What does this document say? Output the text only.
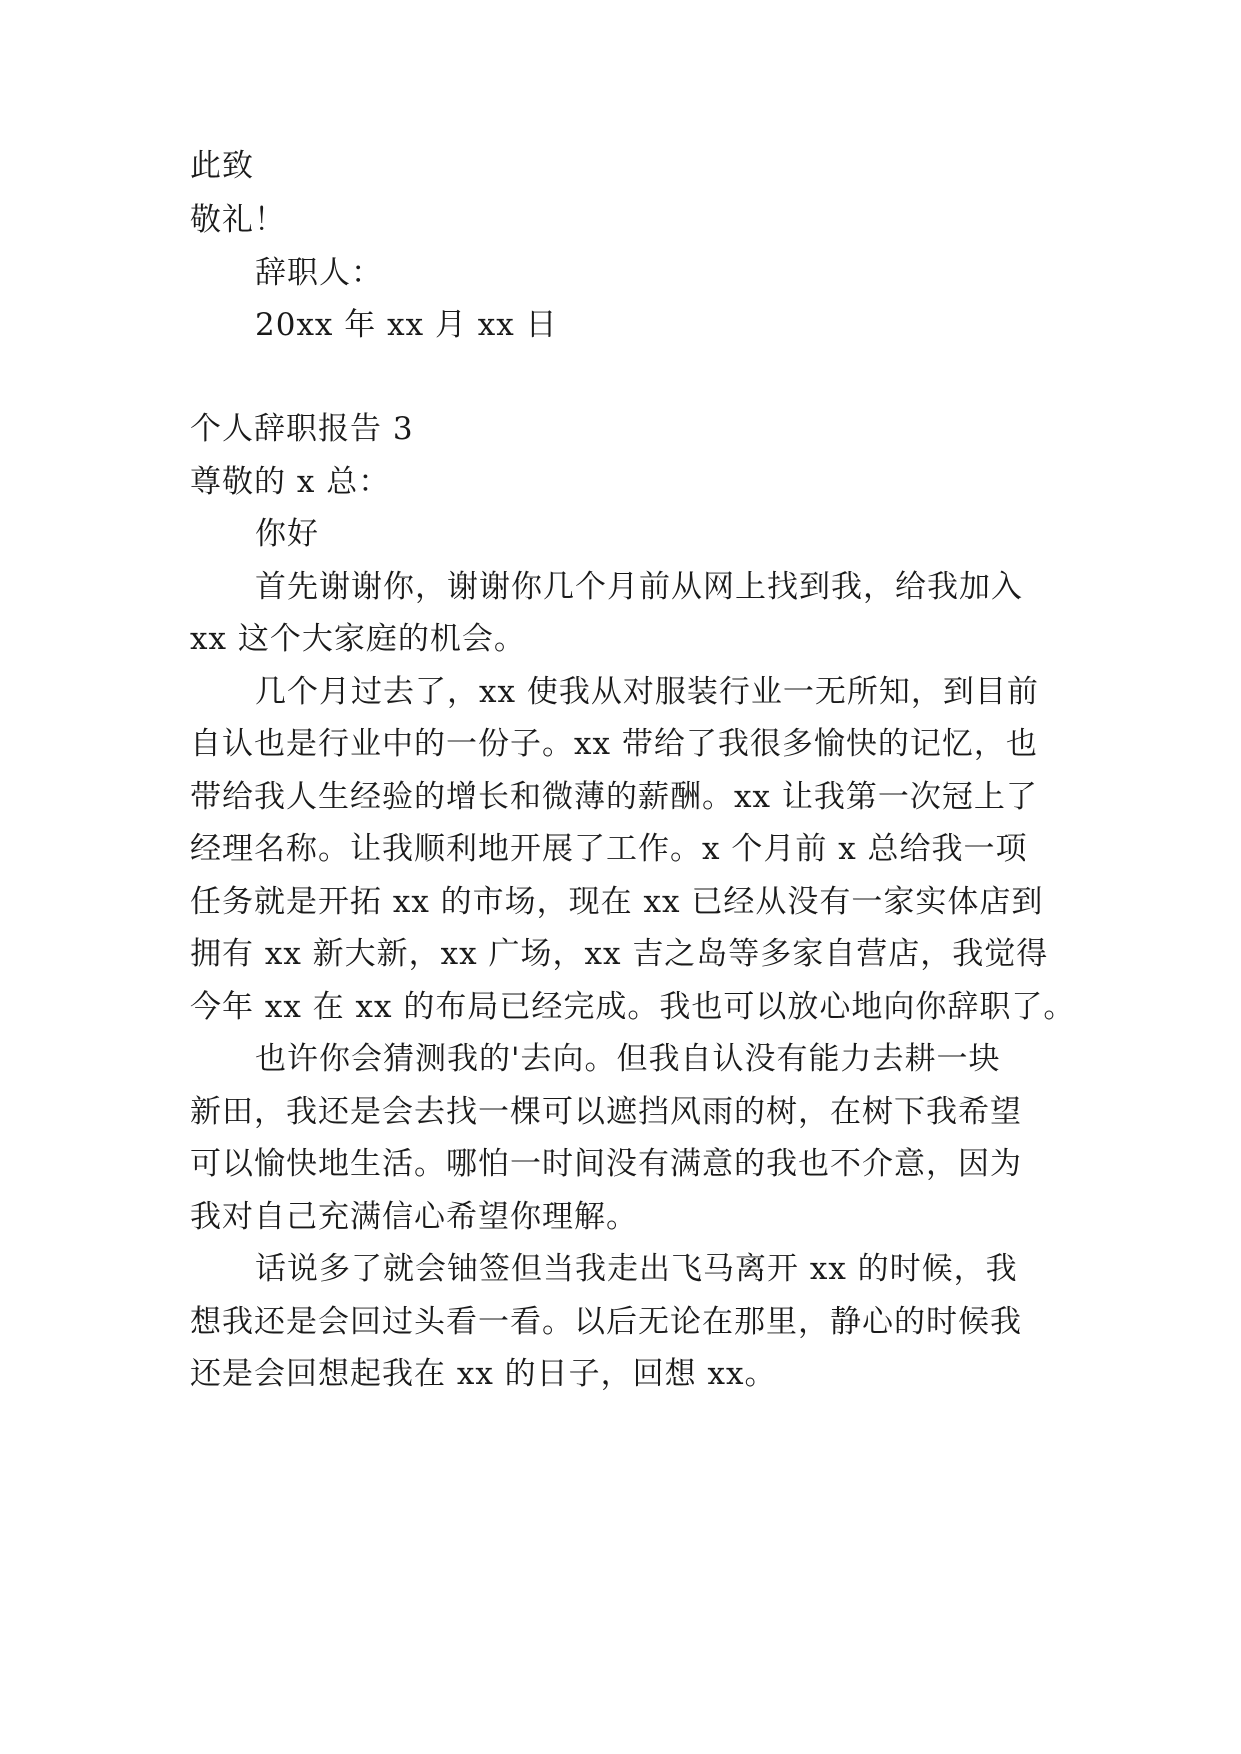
此致

敬礼！

辞职人：

20xx 年 xx 月 xx 日

个人辞职报告 3

尊敬的 x 总：

你好

首先谢谢你，谢谢你几个月前从网上找到我，给我加入

xx 这个大家庭的机会。

几个月过去了，xx 使我从对服装行业一无所知，到目前

自认也是行业中的一份子。xx 带给了我很多愉快的记忆，也

带给我人生经验的增长和微薄的薪酬。xx 让我第一次冠上了

经理名称。让我顺利地开展了工作。x 个月前 x 总给我一项

任务就是开拓 xx 的市场，现在 xx 已经从没有一家实体店到

拥有 xx 新大新，xx 广场，xx 吉之岛等多家自营店，我觉得

今年 xx 在 xx 的布局已经完成。我也可以放心地向你辞职了。

也许你会猜测我的'去向。但我自认没有能力去耕一块

新田，我还是会去找一棵可以遮挡风雨的树，在树下我希望

可以愉快地生活。哪怕一时间没有满意的我也不介意，因为

我对自己充满信心希望你理解。

话说多了就会铀签但当我走出飞马离开 xx 的时候，我

想我还是会回过头看一看。以后无论在那里，静心的时候我

还是会回想起我在 xx 的日子，回想 xx。
